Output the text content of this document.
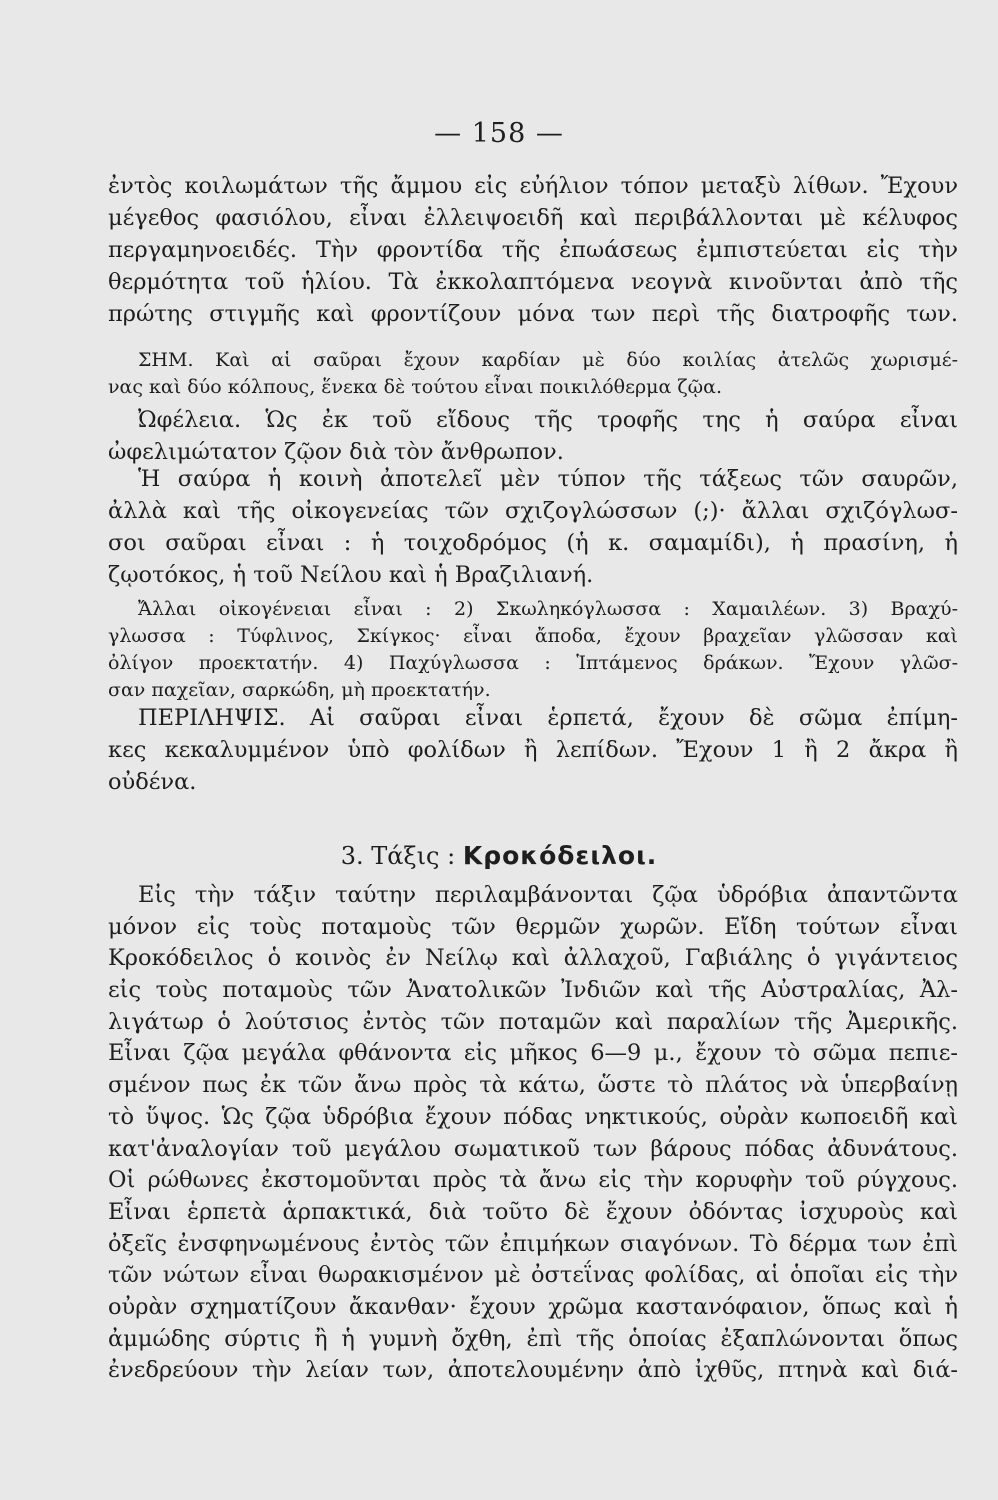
— 158 —
ἐντὸς κοιλωμάτων τῆς ἄμμου εἰς εὐήλιον τόπον μεταξὺ λίθων. Ἔχουν
μέγεθος φασιόλου, εἶναι ἐλλειψοειδῆ καὶ περιβάλλονται μὲ κέλυφος
περγαμηνοειδές. Τὴν φροντίδα τῆς ἐπωάσεως ἐμπιστεύεται εἰς τὴν
θερμότητα τοῦ ἡλίου. Τὰ ἐκκολαπτόμενα νεογνὰ κινοῦνται ἀπὸ τῆς
πρώτης στιγμῆς καὶ φροντίζουν μόνα των περὶ τῆς διατροφῆς των.
ΣΗΜ. Καὶ αἱ σαῦραι ἔχουν καρδίαν μὲ δύο κοιλίας ἀτελῶς χωρισμέ-
νας καὶ δύο κόλπους, ἕνεκα δὲ τούτου εἶναι ποικιλόθερμα ζῷα.
Ὠφέλεια. Ὡς ἐκ τοῦ εἴδους τῆς τροφῆς της ἡ σαύρα εἶναι
ὠφελιμώτατον ζῷον διὰ τὸν ἄνθρωπον.
Ἡ σαύρα ἡ κοινὴ ἀποτελεῖ μὲν τύπον τῆς τάξεως τῶν σαυρῶν,
ἀλλὰ καὶ τῆς οἰκογενείας τῶν σχιζογλώσσων (;)· ἄλλαι σχιζόγλωσ-
σοι σαῦραι εἶναι : ἡ τοιχοδρόμος (ἡ κ. σαμαμίδι), ἡ πρασίνη, ἡ
ζῳοτόκος, ἡ τοῦ Νείλου καὶ ἡ Βραζιλιανή.
Ἄλλαι οἰκογένειαι εἶναι : 2) Σκωληκόγλωσσα : Χαμαιλέων. 3) Βραχύ-
γλωσσα : Τύφλινος, Σκίγκος· εἶναι ἄποδα, ἔχουν βραχεῖαν γλῶσσαν καὶ
ὀλίγον προεκτατήν. 4) Παχύγλωσσα : Ἱπτάμενος δράκων. Ἔχουν γλῶσ-
σαν παχεῖαν, σαρκώδη, μὴ προεκτατήν.
ΠΕΡΙΛΗΨΙΣ. Αἱ σαῦραι εἶναι ἑρπετά, ἔχουν δὲ σῶμα ἐπίμη-
κες κεκαλυμμένον ὑπὸ φολίδων ἢ λεπίδων. Ἔχουν 1 ἢ 2 ἄκρα ἢ
οὐδένα.
3. Τάξις : Κροκόδειλοι.
Εἰς τὴν τάξιν ταύτην περιλαμβάνονται ζῷα ὑδρόβια ἀπαντῶντα
μόνον εἰς τοὺς ποταμοὺς τῶν θερμῶν χωρῶν. Εἴδη τούτων εἶναι
Κροκόδειλος ὁ κοινὸς ἐν Νείλῳ καὶ ἀλλαχοῦ, Γαβιάλης ὁ γιγάντειος
εἰς τοὺς ποταμοὺς τῶν Ἀνατολικῶν Ἰνδιῶν καὶ τῆς Αὐστραλίας, Ἀλ-
λιγάτωρ ὁ λούτσιος ἐντὸς τῶν ποταμῶν καὶ παραλίων τῆς Ἀμερικῆς.
Εἶναι ζῷα μεγάλα φθάνοντα εἰς μῆκος 6—9 μ., ἔχουν τὸ σῶμα πεπιε-
σμένον πως ἐκ τῶν ἄνω πρὸς τὰ κάτω, ὥστε τὸ πλάτος νὰ ὑπερβαίνῃ
τὸ ὕψος. Ὡς ζῷα ὑδρόβια ἔχουν πόδας νηκτικούς, οὐρὰν κωποειδῆ καὶ
κατ'ἀναλογίαν τοῦ μεγάλου σωματικοῦ των βάρους πόδας ἀδυνάτους.
Οἱ ρώθωνες ἐκστομοῦνται πρὸς τὰ ἄνω εἰς τὴν κορυφὴν τοῦ ρύγχους.
Εἶναι ἑρπετὰ ἁρπακτικά, διὰ τοῦτο δὲ ἔχουν ὀδόντας ἰσχυροὺς καὶ
ὀξεῖς ἐνσφηνωμένους ἐντὸς τῶν ἐπιμήκων σιαγόνων. Τὸ δέρμα των ἐπὶ
τῶν νώτων εἶναι θωρακισμένον μὲ ὀστεΐνας φολίδας, αἱ ὁποῖαι εἰς τὴν
οὐρὰν σχηματίζουν ἄκανθαν· ἔχουν χρῶμα καστανόφαιον, ὅπως καὶ ἡ
ἀμμώδης σύρτις ἢ ἡ γυμνὴ ὄχθη, ἐπὶ τῆς ὁποίας ἐξαπλώνονται ὅπως
ἐνεδρεύουν τὴν λείαν των, ἀποτελουμένην ἀπὸ ἰχθῦς, πτηνὰ καὶ διά-
